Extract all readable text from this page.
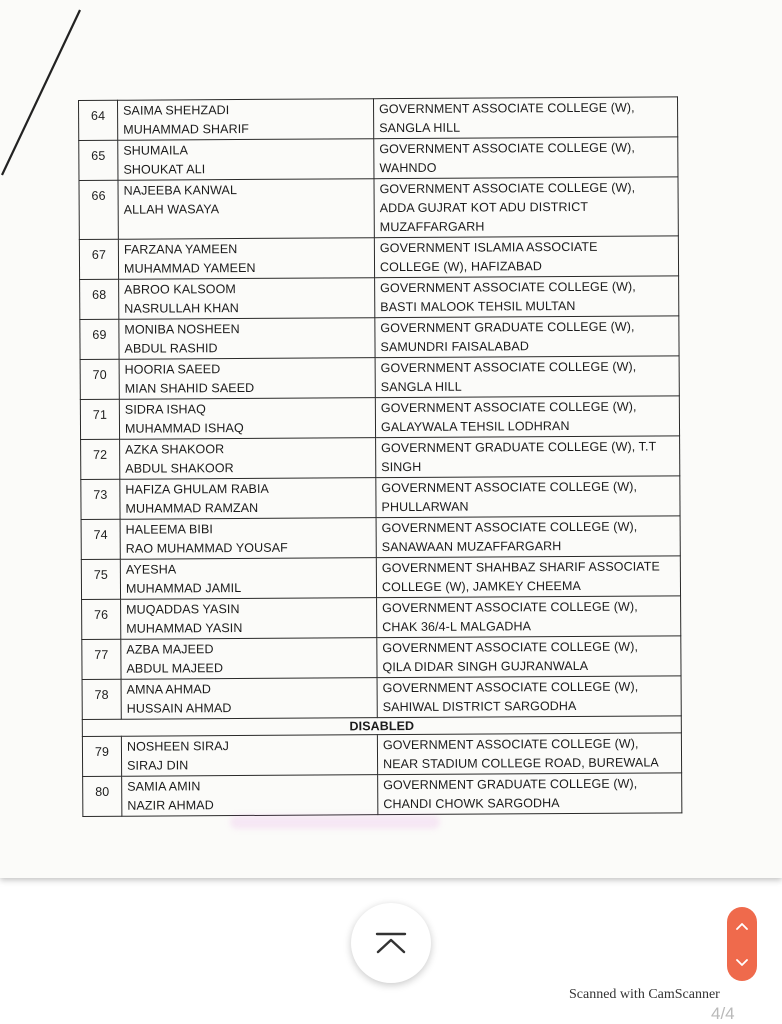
64	SAIMA SHEHZADI
MUHAMMAD SHARIF	GOVERNMENT ASSOCIATE COLLEGE (W),
SANGLA HILL

65	SHUMAILA
SHOUKAT ALI	GOVERNMENT ASSOCIATE COLLEGE (W),
WAHNDO

66	NAJEEBA KANWAL
ALLAH WASAYA	GOVERNMENT ASSOCIATE COLLEGE (W),
ADDA GUJRAT KOT ADU DISTRICT
MUZAFFARGARH

67	FARZANA YAMEEN
MUHAMMAD YAMEEN	GOVERNMENT ISLAMIA ASSOCIATE
COLLEGE (W), HAFIZABAD

68	ABROO KALSOOM
NASRULLAH KHAN	GOVERNMENT ASSOCIATE COLLEGE (W),
BASTI MALOOK TEHSIL MULTAN

69	MONIBA NOSHEEN
ABDUL RASHID	GOVERNMENT GRADUATE COLLEGE (W),
SAMUNDRI FAISALABAD

70	HOORIA SAEED
MIAN SHAHID SAEED	GOVERNMENT ASSOCIATE COLLEGE (W),
SANGLA HILL

71	SIDRA ISHAQ
MUHAMMAD ISHAQ	GOVERNMENT ASSOCIATE COLLEGE (W),
GALAYWALA TEHSIL LODHRAN

72	AZKA SHAKOOR
ABDUL SHAKOOR	GOVERNMENT GRADUATE COLLEGE (W), T.T
SINGH

73	HAFIZA GHULAM RABIA
MUHAMMAD RAMZAN	GOVERNMENT ASSOCIATE COLLEGE (W),
PHULLARWAN

74	HALEEMA BIBI
RAO MUHAMMAD YOUSAF	GOVERNMENT ASSOCIATE COLLEGE (W),
SANAWAAN MUZAFFARGARH

75	AYESHA
MUHAMMAD JAMIL	GOVERNMENT SHAHBAZ SHARIF ASSOCIATE
COLLEGE (W), JAMKEY CHEEMA

76	MUQADDAS YASIN
MUHAMMAD YASIN	GOVERNMENT ASSOCIATE COLLEGE (W),
CHAK 36/4-L MALGADHA

77	AZBA MAJEED
ABDUL MAJEED	GOVERNMENT ASSOCIATE COLLEGE (W),
QILA DIDAR SINGH GUJRANWALA

78	AMNA AHMAD
HUSSAIN AHMAD	GOVERNMENT ASSOCIATE COLLEGE (W),
SAHIWAL DISTRICT SARGODHA

DISABLED		
79	NOSHEEN SIRAJ
SIRAJ DIN	GOVERNMENT ASSOCIATE COLLEGE (W),
NEAR STADIUM COLLEGE ROAD, BUREWALA

80	SAMIA AMIN
NAZIR AHMAD	GOVERNMENT GRADUATE COLLEGE (W),
CHANDI CHOWK SARGODHA
Scanned with CamScanner
4/4
